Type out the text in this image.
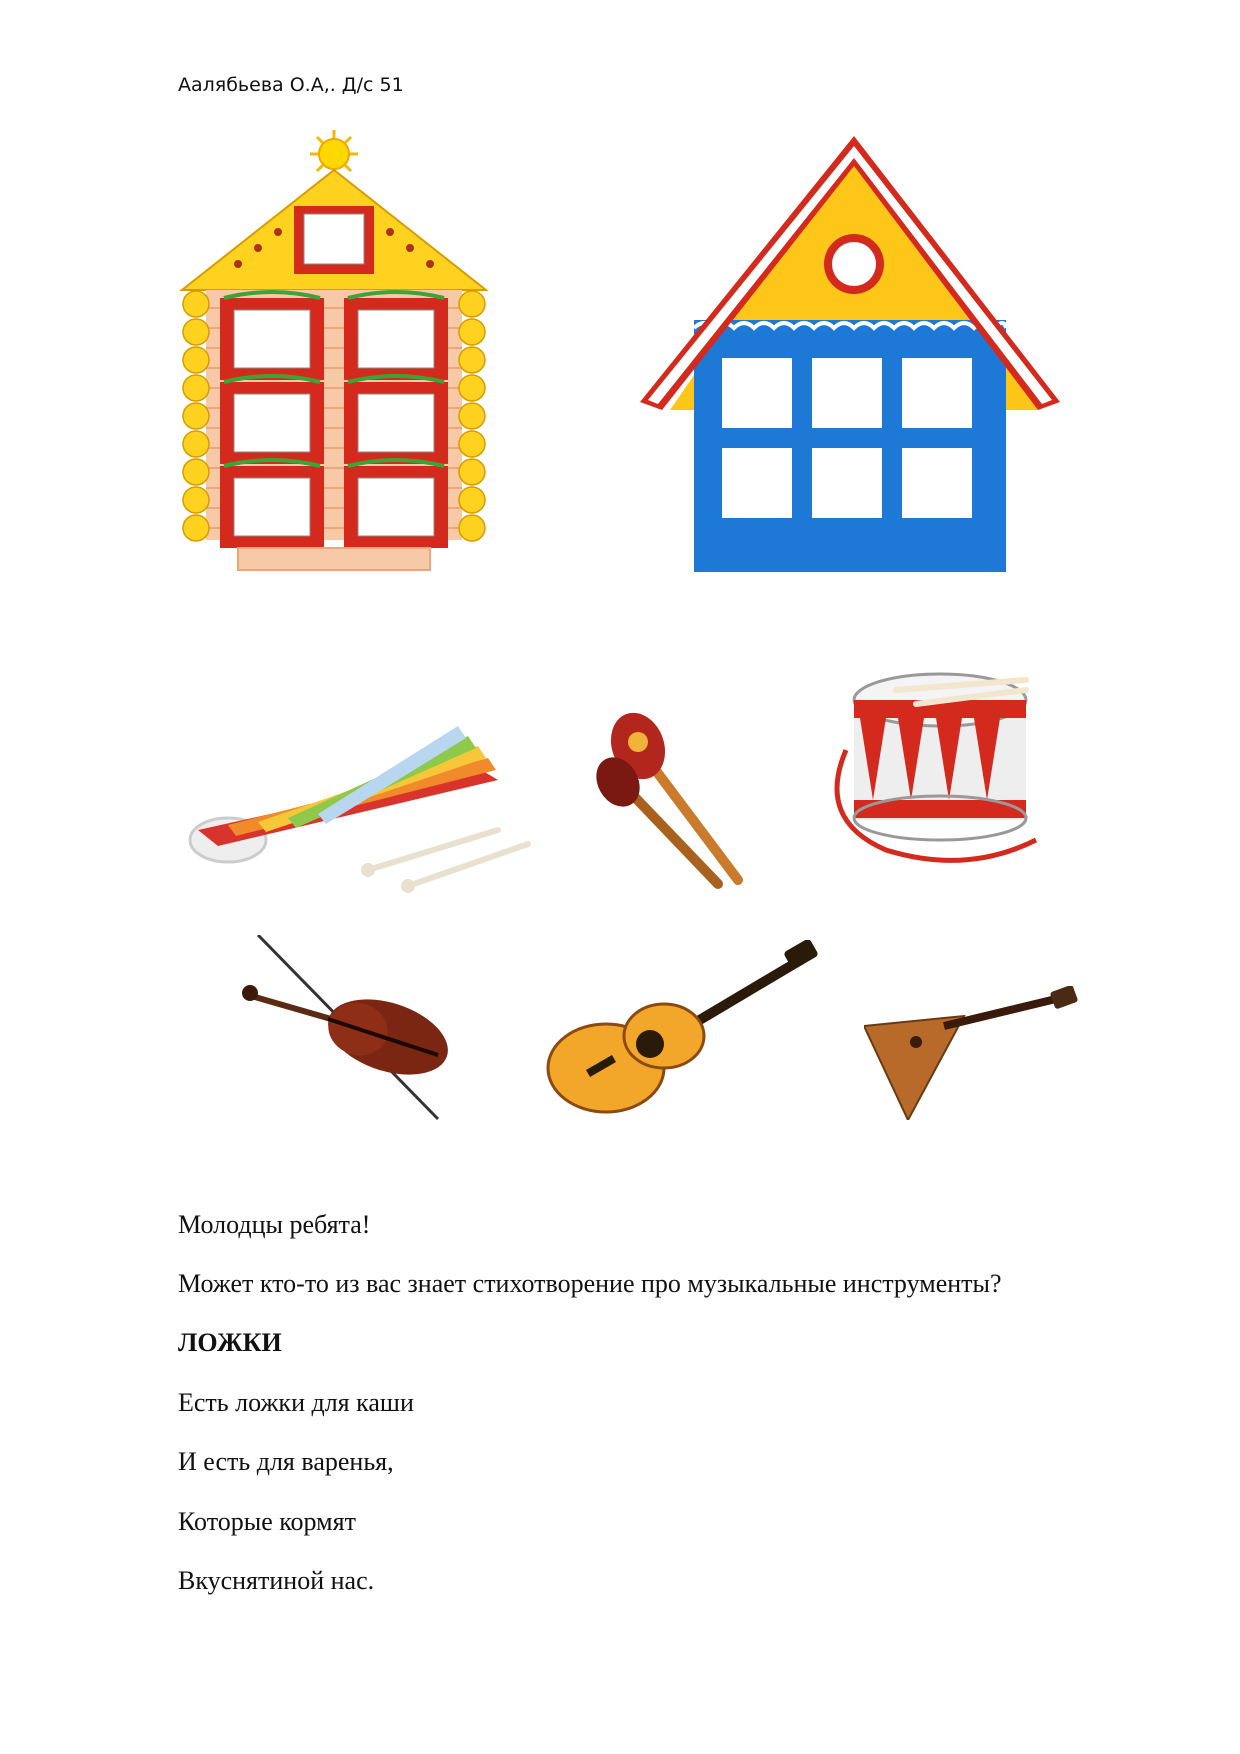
Аалябьева О.А,. Д/с 51
Молодцы ребята!
Может кто-то из вас знает стихотворение про музыкальные инструменты?
ЛОЖКИ
Есть ложки для каши
И есть для варенья,
Которые кормят
Вкуснятиной нас.
